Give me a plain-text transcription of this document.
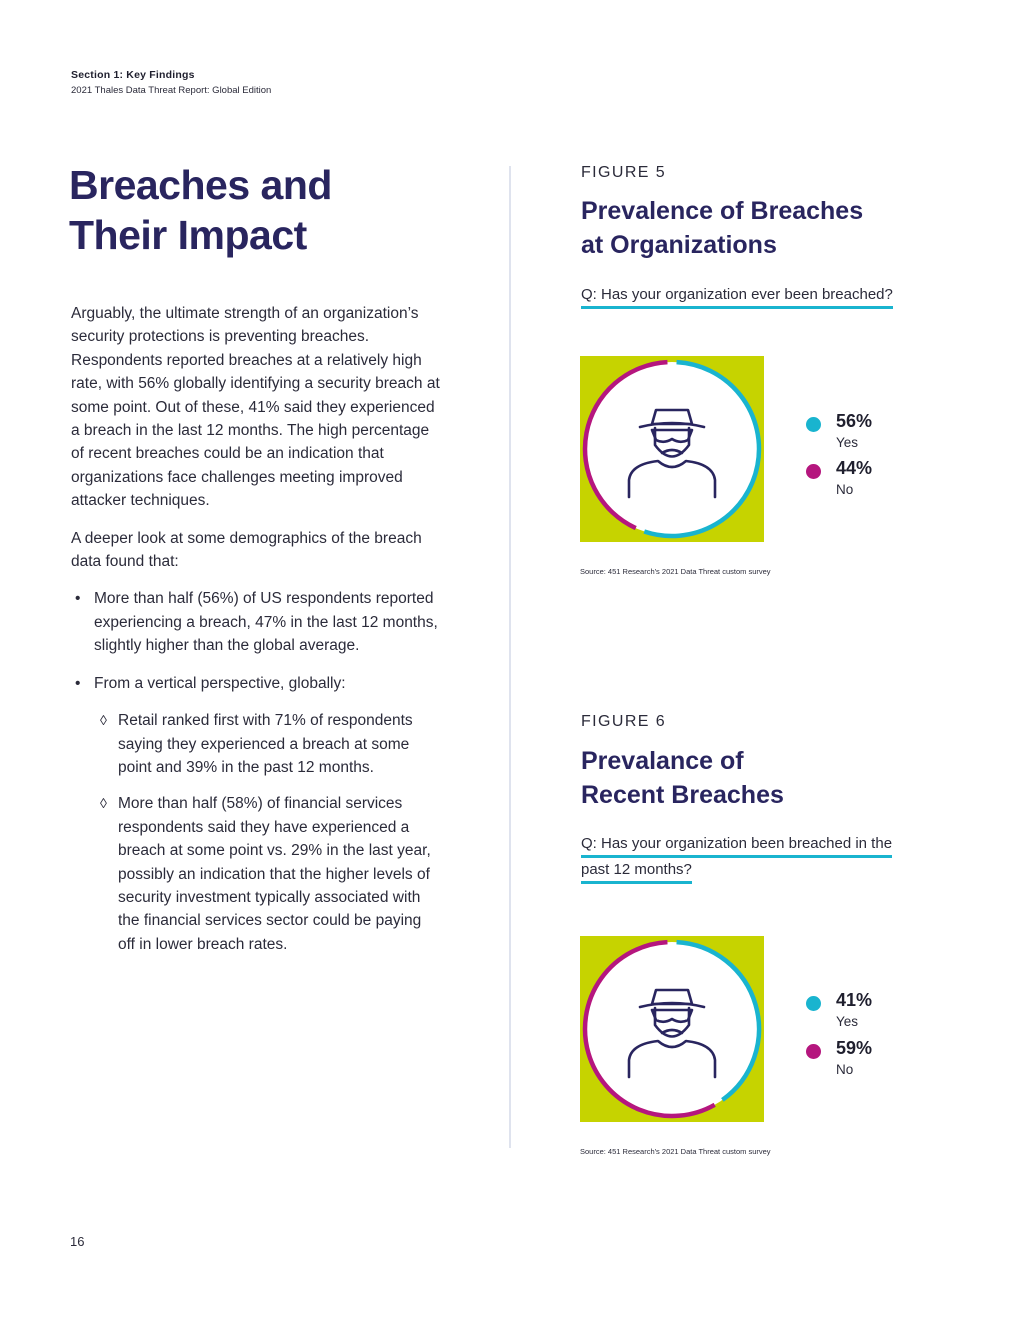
Section 1: Key Findings
2021 Thales Data Threat Report: Global Edition
Breaches and
Their Impact

Arguably, the ultimate strength of an organization’s security protections is preventing breaches. Respondents reported breaches at a relatively high rate, with 56% globally identifying a security breach at some point. Out of these, 41% said they experienced a breach in the last 12 months. The high percentage of recent breaches could be an indication that organizations face challenges meeting improved attacker techniques.

A deeper look at some demographics of the breach data found that:

• More than half (56%) of US respondents reported experiencing a breach, 47% in the last 12 months, slightly higher than the global average.
• From a vertical perspective, globally:
◊ Retail ranked first with 71% of respondents saying they experienced a breach at some point and 39% in the past 12 months.
◊ More than half (58%) of financial services respondents said they have experienced a breach at some point vs. 29% in the last year, possibly an indication that the higher levels of security investment typically associated with the financial services sector could be paying off in lower breach rates.
FIGURE 5
Prevalence of Breaches
at Organizations
Q: Has your organization ever been breached?
56%
Yes
44%
No
Source: 451 Research's 2021 Data Threat custom survey
FIGURE 6
Prevalance of
Recent Breaches
Q: Has your organization been breached in the
past 12 months?
41%
Yes
59%
No
Source: 451 Research's 2021 Data Threat custom survey
16
